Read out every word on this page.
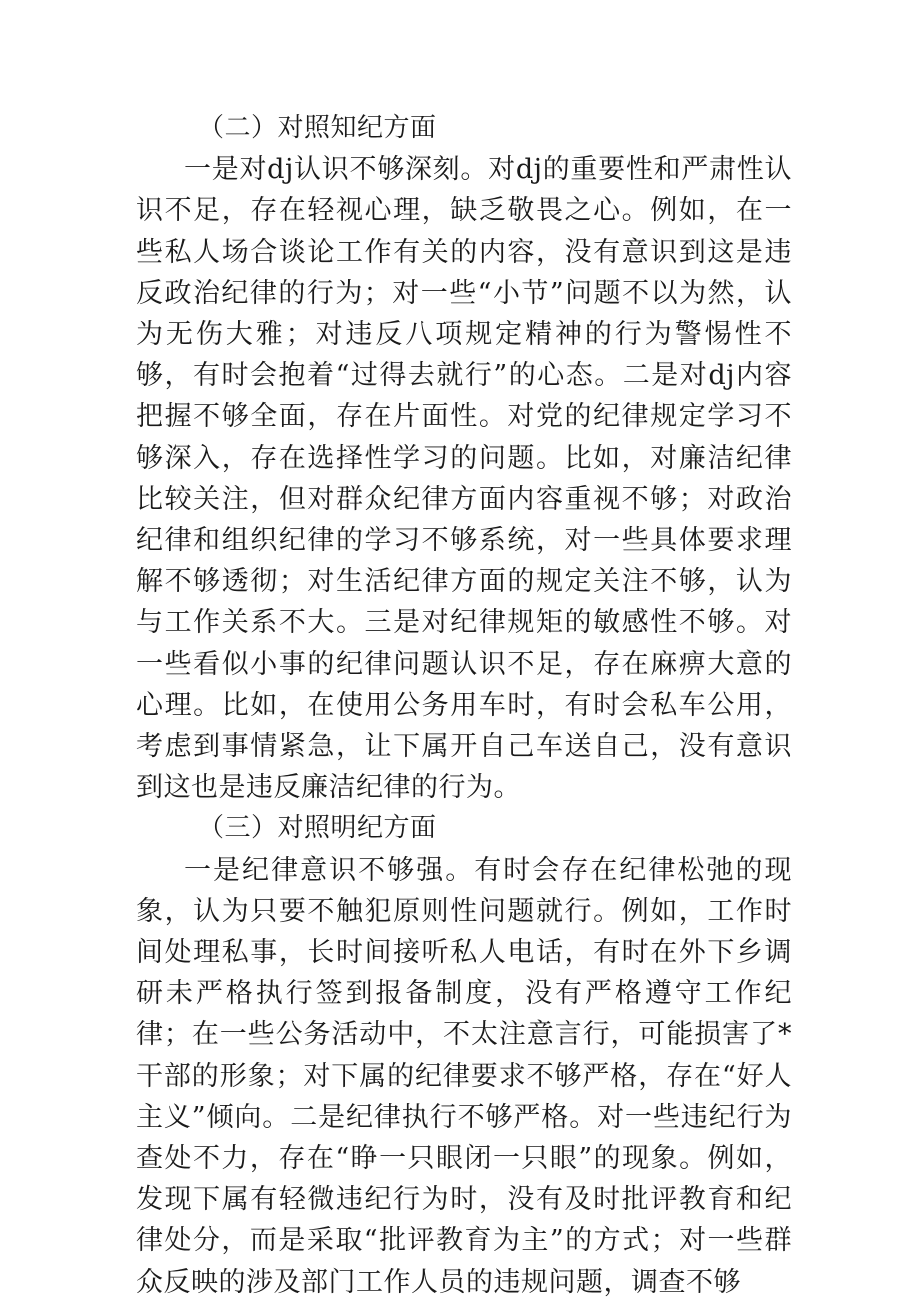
（二）对照知纪方面

一是对dj认识不够深刻。对dj的重要性和严肃性认识不足，存在轻视心理，缺乏敬畏之心。例如，在一些私人场合谈论工作有关的内容，没有意识到这是违反政治纪律的行为；对一些“小节”问题不以为然，认为无伤大雅；对违反八项规定精神的行为警惕性不够，有时会抱着“过得去就行”的心态。二是对dj内容把握不够全面，存在片面性。对党的纪律规定学习不够深入，存在选择性学习的问题。比如，对廉洁纪律比较关注，但对群众纪律方面内容重视不够；对政治纪律和组织纪律的学习不够系统，对一些具体要求理解不够透彻；对生活纪律方面的规定关注不够，认为与工作关系不大。三是对纪律规矩的敏感性不够。对一些看似小事的纪律问题认识不足，存在麻痹大意的心理。比如，在使用公务用车时，有时会私车公用，考虑到事情紧急，让下属开自己车送自己，没有意识到这也是违反廉洁纪律的行为。

（三）对照明纪方面

一是纪律意识不够强。有时会存在纪律松弛的现象，认为只要不触犯原则性问题就行。例如，工作时间处理私事，长时间接听私人电话，有时在外下乡调研未严格执行签到报备制度，没有严格遵守工作纪律；在一些公务活动中，不太注意言行，可能损害了*干部的形象；对下属的纪律要求不够严格，存在“好人主义”倾向。二是纪律执行不够严格。对一些违纪行为查处不力，存在“睁一只眼闭一只眼”的现象。例如，发现下属有轻微违纪行为时，没有及时批评教育和纪律处分，而是采取“批评教育为主”的方式；对一些群众反映的涉及部门工作人员的违规问题，调查不够
